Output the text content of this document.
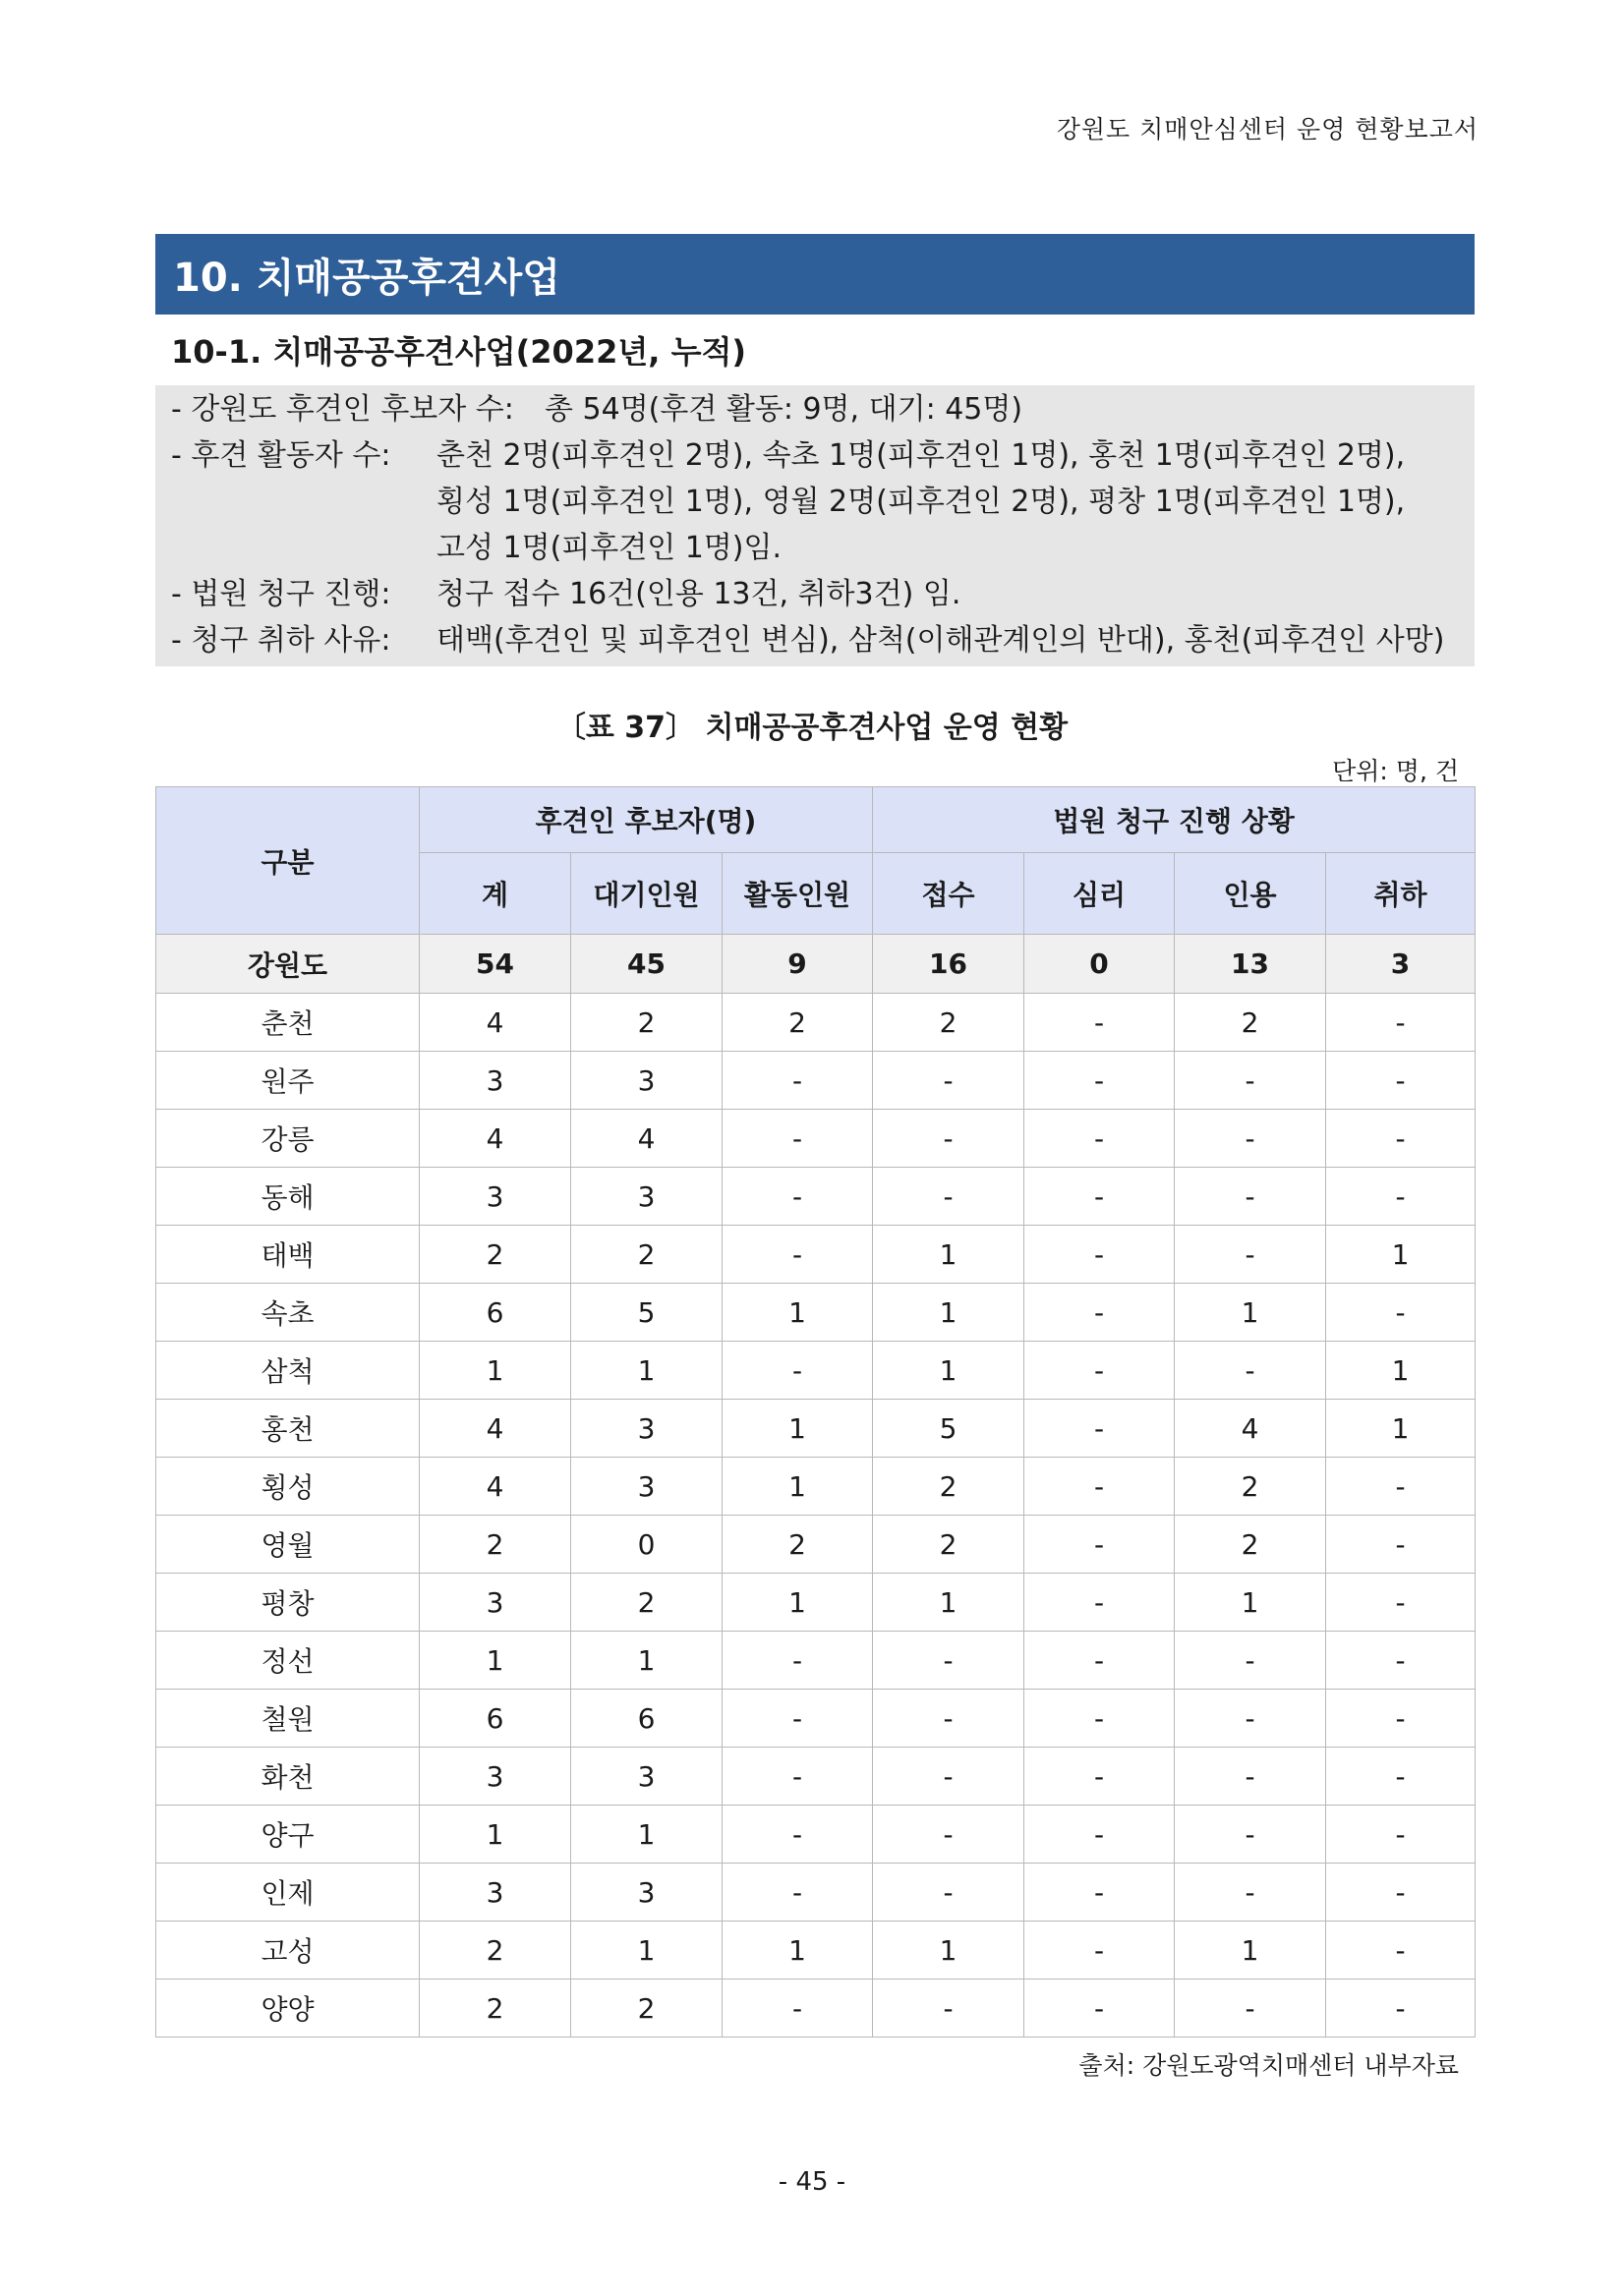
강원도 치매안심센터 운영 현황보고서
10. 치매공공후견사업
10-1. 치매공공후견사업(2022년, 누적)
- 강원도 후견인 후보자 수: 총 54명(후견 활동: 9명, 대기: 45명)
- 후견 활동자 수: 춘천 2명(피후견인 2명), 속초 1명(피후견인 1명), 홍천 1명(피후견인 2명),
횡성 1명(피후견인 1명), 영월 2명(피후견인 2명), 평창 1명(피후견인 1명),
고성 1명(피후견인 1명)임.
- 법원 청구 진행: 청구 접수 16건(인용 13건, 취하3건) 임.
- 청구 취하 사유: 태백(후견인 및 피후견인 변심), 삼척(이해관계인의 반대), 홍천(피후견인 사망)
〔표 37〕 치매공공후견사업 운영 현황
단위: 명, 건
구분	후견인 후보자(명)			법원 청구 진행 상황			
	계	대기인원	활동인원	접수	심리	인용	취하
강원도	54	45	9	16	0	13	3
춘천	4	2	2	2	-	2	-
원주	3	3	-	-	-	-	-
강릉	4	4	-	-	-	-	-
동해	3	3	-	-	-	-	-
태백	2	2	-	1	-	-	1
속초	6	5	1	1	-	1	-
삼척	1	1	-	1	-	-	1
홍천	4	3	1	5	-	4	1
횡성	4	3	1	2	-	2	-
영월	2	0	2	2	-	2	-
평창	3	2	1	1	-	1	-
정선	1	1	-	-	-	-	-
철원	6	6	-	-	-	-	-
화천	3	3	-	-	-	-	-
양구	1	1	-	-	-	-	-
인제	3	3	-	-	-	-	-
고성	2	1	1	1	-	1	-
양양	2	2	-	-	-	-	-
출처: 강원도광역치매센터 내부자료
- 45 -
